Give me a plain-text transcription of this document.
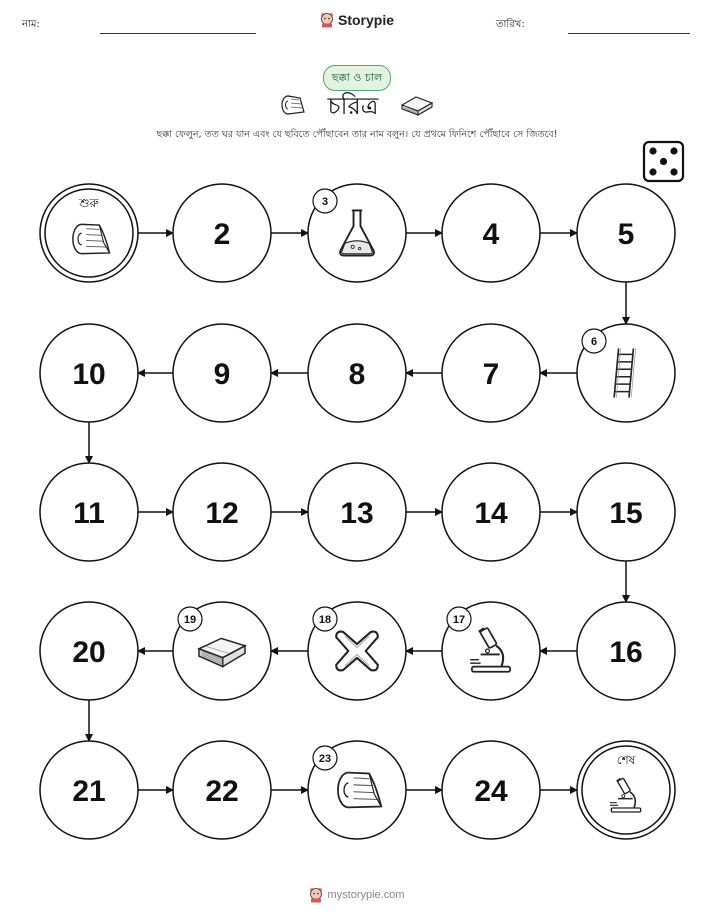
নাম:	Storypie	তারিখ:
ছক্কা ও চাল
চরিত্র
ছক্কা ফেলুন, তত ঘর যান এবং যে ছবিতে পৌঁছাবেন তার নাম বলুন। যে প্রথমে ফিনিশে পৌঁছাবে সে জিতবে!
শুরু
2
3
4	5
6
7
8
9
10
11	12	13	14	15
16
17
18
19
20
21	22
23
24
শেষ
mystorypie.com
